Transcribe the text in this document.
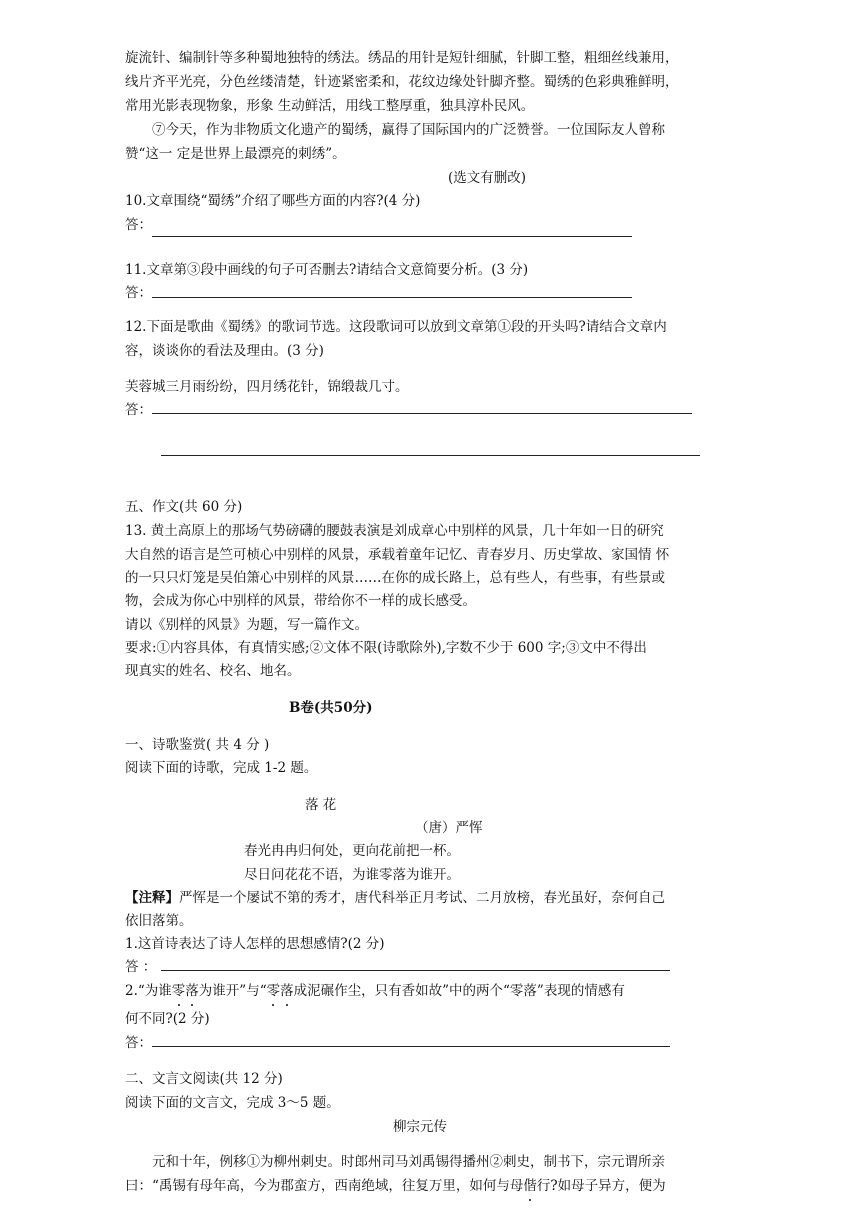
旋流针、编制针等多种蜀地独特的绣法。绣品的用针是短针细腻，针脚工整，粗细丝线兼用，
线片齐平光亮，分色丝缕清楚，针迹紧密柔和，花纹边缘处针脚齐整。蜀绣的色彩典雅鲜明，
常用光影表现物象，形象 生动鲜活，用线工整厚重，独具淳朴民风。
⑦今天，作为非物质文化遗产的蜀绣，赢得了国际国内的广泛赞誉。一位国际友人曾称
赞“这一 定是世界上最漂亮的刺绣”。
(选文有删改)
10.文章围绕“蜀绣”介绍了哪些方面的内容?(4 分)
答：
11.文章第③段中画线的句子可否删去?请结合文意简要分析。(3 分)
答：
12.下面是歌曲《蜀绣》的歌词节选。这段歌词可以放到文章第①段的开头吗?请结合文章内
容，谈谈你的看法及理由。(3 分)
芙蓉城三月雨纷纷，四月绣花针，锦缎裁几寸。
答：
五、作文(共 60 分)
13. 黄土高原上的那场气势磅礴的腰鼓表演是刘成章心中别样的风景，几十年如一日的研究
大自然的语言是竺可桢心中别样的风景，承载着童年记忆、青春岁月、历史掌故、家国情 怀
的一只只灯笼是吴伯箫心中别样的风景……在你的成长路上，总有些人，有些事，有些景或
物，会成为你心中别样的风景，带给你不一样的成长感受。
请以《别样的风景》为题，写一篇作文。
要求:①内容具体，有真情实感;②文体不限(诗歌除外),字数不少于 600 字;③文中不得出
现真实的姓名、校名、地名。
B卷(共50分)
一、诗歌鉴赏( 共 4 分 )
阅读下面的诗歌，完成 1-2 题。
落 花
（唐）严恽
春光冉冉归何处，更向花前把一杯。
尽日问花花不语，为谁零落为谁开。
【注释】严恽是一个屡试不第的秀才，唐代科举正月考试、二月放榜，春光虽好，奈何自己
依旧落第。
1.这首诗表达了诗人怎样的思想感情?(2 分)
答 ：
2.“为谁零落为谁开”与“零落成泥碾作尘，只有香如故”中的两个“零落”表现的情感有
何不同?(2 分)
答：
二、文言文阅读(共 12 分)
阅读下面的文言文，完成 3～5 题。
柳宗元传
元和十年，例移①为柳州刺史。时郎州司马刘禹锡得播州②刺史，制书下，宗元谓所亲
曰：“禹锡有母年高，今为郡蛮方，西南绝域，往复万里，如何与母偕行?如母子异方，便为
